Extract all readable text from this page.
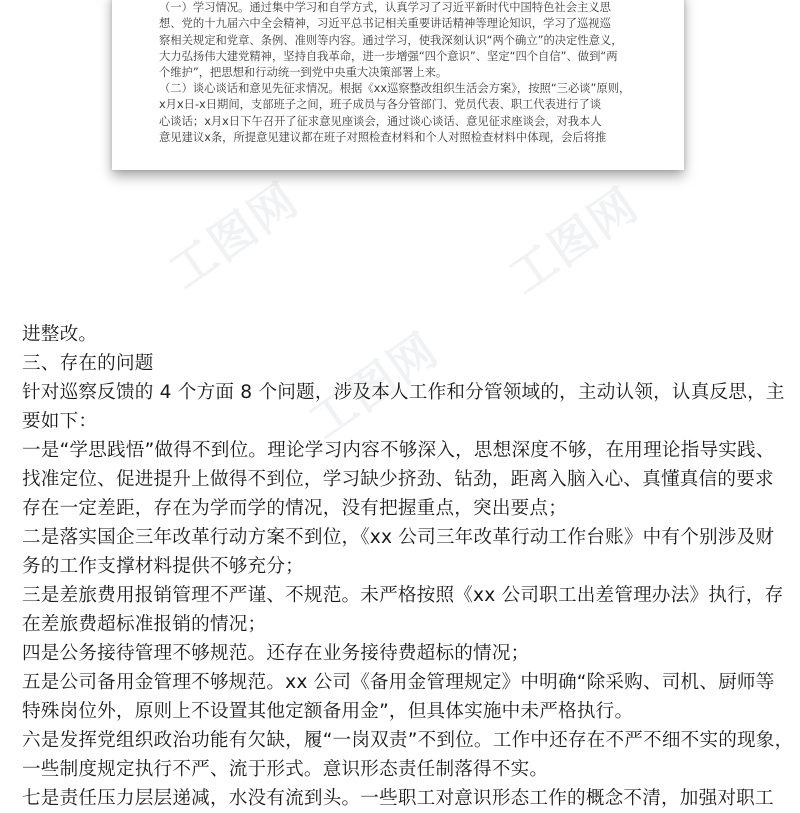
（一）学习情况。通过集中学习和自学方式，认真学习了习近平新时代中国特色社会主义思

想、党的十九届六中全会精神，习近平总书记相关重要讲话精神等理论知识，学习了巡视巡

察相关规定和党章、条例、准则等内容。通过学习，使我深刻认识“两个确立”的决定性意义，

大力弘扬伟大建党精神，坚持自我革命，进一步增强“四个意识”、坚定“四个自信”、做到“两

个维护”，把思想和行动统一到党中央重大决策部署上来。

（二）谈心谈话和意见先征求情况。根据《xx巡察整改组织生活会方案》，按照“三必谈”原则，

x月x日-x日期间，支部班子之间，班子成员与各分管部门、党员代表、职工代表进行了谈

心谈话；x月x日下午召开了征求意见座谈会，通过谈心谈话、意见征求座谈会，对我本人

意见建议x条，所提意见建议都在班子对照检查材料和个人对照检查材料中体现，会后将推

工图网	工图网
工图网

进整改。

三、存在的问题

针对巡察反馈的 4 个方面 8 个问题，涉及本人工作和分管领域的，主动认领，认真反思，主

要如下：

一是“学思践悟”做得不到位。理论学习内容不够深入，思想深度不够，在用理论指导实践、

找准定位、促进提升上做得不到位，学习缺少挤劲、钻劲，距离入脑入心、真懂真信的要求

存在一定差距，存在为学而学的情况，没有把握重点，突出要点；

二是落实国企三年改革行动方案不到位，《xx 公司三年改革行动工作台账》中有个别涉及财

务的工作支撑材料提供不够充分；

三是差旅费用报销管理不严谨、不规范。未严格按照《xx 公司职工出差管理办法》执行，存

在差旅费超标准报销的情况；

四是公务接待管理不够规范。还存在业务接待费超标的情况；

五是公司备用金管理不够规范。xx 公司《备用金管理规定》中明确“除采购、司机、厨师等

特殊岗位外，原则上不设置其他定额备用金”，但具体实施中未严格执行。

六是发挥党组织政治功能有欠缺，履“一岗双责”不到位。工作中还存在不严不细不实的现象，

一些制度规定执行不严、流于形式。意识形态责任制落得不实。

七是责任压力层层递减，水没有流到头。一些职工对意识形态工作的概念不清，加强对职工
